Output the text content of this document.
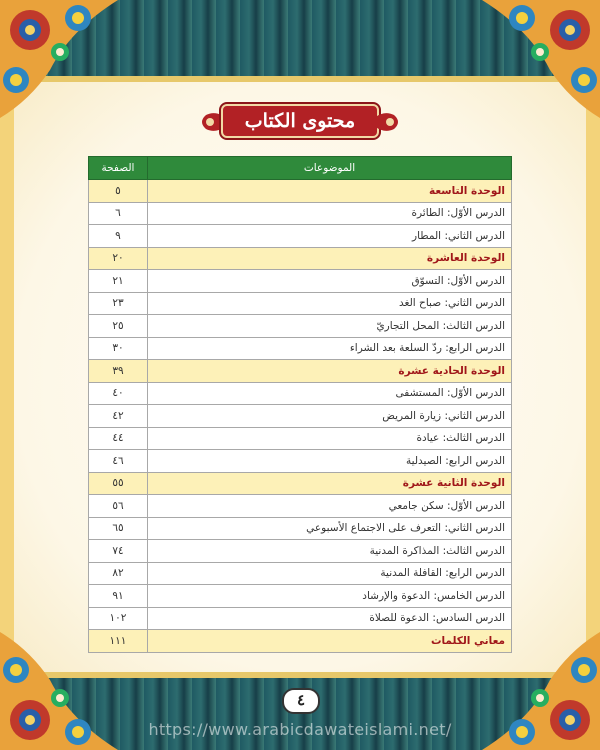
محتوى الكتاب
الموضوعات	الصفحة
الوحدة التاسعة	٥
الدرس الأوّل: الطائرة	٦
الدرس الثاني: المطار	٩
الوحدة العاشرة	٢٠
الدرس الأوّل: التسوّق	٢١
الدرس الثاني: صباح الغد	٢٣
الدرس الثالث: المحل التجاريّ	٢٥
الدرس الرابع: ردّ السلعة بعد الشراء	٣٠
الوحدة الحادية عشرة	٣٩
الدرس الأوّل: المستشفى	٤٠
الدرس الثاني: زيارة المريض	٤٢
الدرس الثالث: عيادة	٤٤
الدرس الرابع: الصيدلية	٤٦
الوحدة الثانية عشرة	٥٥
الدرس الأوّل: سكن جامعي	٥٦
الدرس الثاني: التعرف على الاجتماع الأسبوعي	٦٥
الدرس الثالث: المذاكرة المدنية	٧٤
الدرس الرابع: القافلة المدنية	٨٢
الدرس الخامس: الدعوة والإرشاد	٩١
الدرس السادس: الدعوة للصلاة	١٠٢
معاني الكلمات	١١١
٤
https://www.arabicdawateislami.net/
